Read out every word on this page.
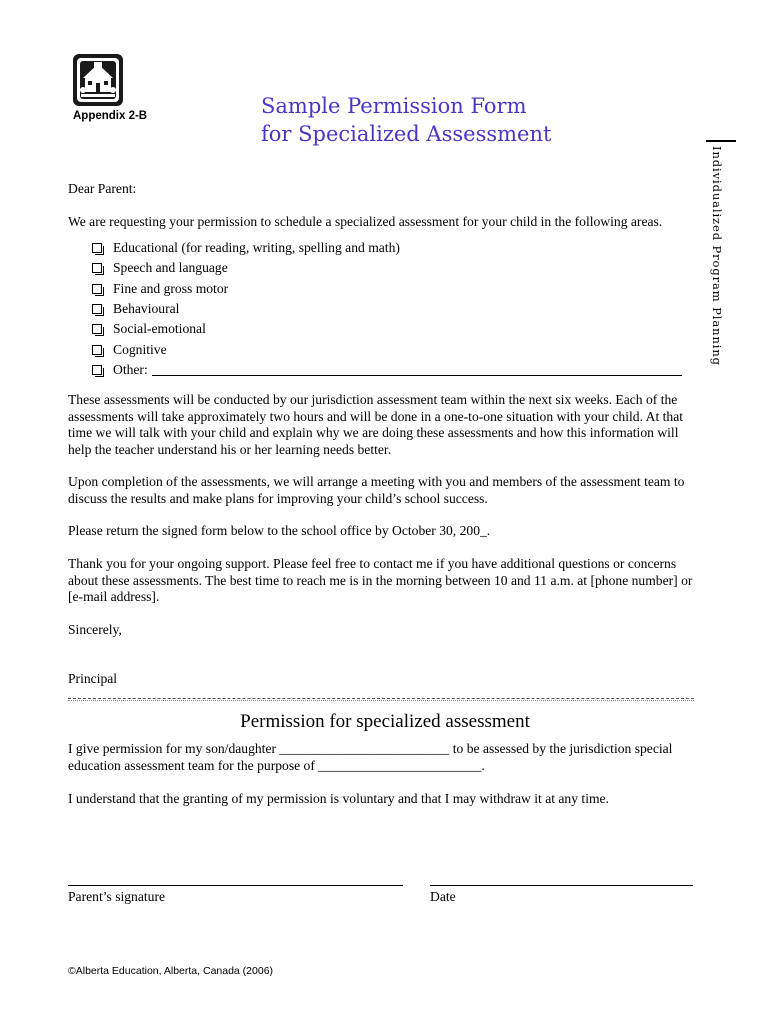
Appendix 2-B	Sample Permission Form
for Specialized Assessment
Individualized Program Planning
Dear Parent:
We are requesting your permission to schedule a specialized assessment for your child in the following areas.
Educational (for reading, writing, spelling and math)
Speech and language
Fine and gross motor
Behavioural
Social-emotional
Cognitive
Other:
These assessments will be conducted by our jurisdiction assessment team within the next six weeks. Each of the assessments will take approximately two hours and will be done in a one-to-one situation with your child. At that time we will talk with your child and explain why we are doing these assessments and how this information will help the teacher understand his or her learning needs better.
Upon completion of the assessments, we will arrange a meeting with you and members of the assessment team to discuss the results and make plans for improving your child’s school success.
Please return the signed form below to the school office by October 30, 200_.
Thank you for your ongoing support. Please feel free to contact me if you have additional questions or concerns about these assessments. The best time to reach me is in the morning between 10 and 11 a.m. at [phone number] or [e-mail address].
Sincerely,
Principal
Permission for specialized assessment
I give permission for my son/daughter _________________________ to be assessed by the jurisdiction special education assessment team for the purpose of ________________________.
I understand that the granting of my permission is voluntary and that I may withdraw it at any time.
Parent’s signature	Date
©Alberta Education, Alberta, Canada (2006)
